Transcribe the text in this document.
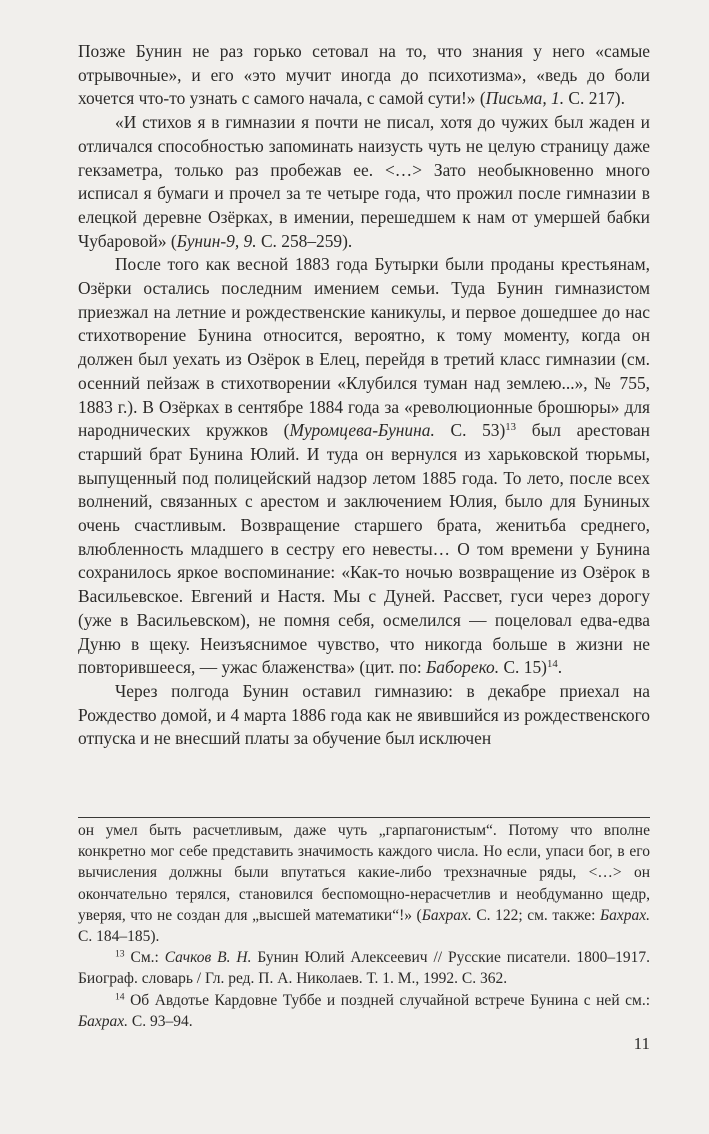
Позже Бунин не раз горько сетовал на то, что знания у него «самые отрывочные», и его «это мучит иногда до психотизма», «ведь до боли хочется что-то узнать с самого начала, с самой сути!» (Письма, 1. С. 217).

«И стихов я в гимназии я почти не писал, хотя до чужих был жаден и отличался способностью запоминать наизусть чуть не целую страницу даже гекзаметра, только раз пробежав ее. <…> Зато необыкновенно много исписал я бумаги и прочел за те четыре года, что прожил после гимназии в елецкой деревне Озёрках, в имении, перешедшем к нам от умершей бабки Чубаровой» (Бунин-9, 9. С. 258–259).

После того как весной 1883 года Бутырки были проданы крестьянам, Озёрки остались последним имением семьи. Туда Бунин гимназистом приезжал на летние и рождественские каникулы, и первое дошедшее до нас стихотворение Бунина относится, вероятно, к тому моменту, когда он должен был уехать из Озёрок в Елец, перейдя в третий класс гимназии (см. осенний пейзаж в стихотворении «Клубился туман над землею...», № 755, 1883 г.). В Озёрках в сентябре 1884 года за «революционные брошюры» для народнических кружков (Муромцева-Бунина. С. 53)$^{13}$ был арестован старший брат Бунина Юлий. И туда он вернулся из харьковской тюрьмы, выпущенный под полицейский надзор летом 1885 года. То лето, после всех волнений, связанных с арестом и заключением Юлия, было для Буниных очень счастливым. Возвращение старшего брата, женитьба среднего, влюбленность младшего в сестру его невесты… О том времени у Бунина сохранилось яркое воспоминание: «Как-то ночью возвращение из Озёрок в Васильевское. Евгений и Настя. Мы с Дуней. Рассвет, гуси через дорогу (уже в Васильевском), не помня себя, осмелился — поцеловал едва-едва Дуню в щеку. Неизъяснимое чувство, что никогда больше в жизни не повторившееся, — ужас блаженства» (цит. по: Бабореко. С. 15)$^{14}$.

Через полгода Бунин оставил гимназию: в декабре приехал на Рождество домой, и 4 марта 1886 года как не явившийся из рождественского отпуска и не внесший платы за обучение был исключен

он умел быть расчетливым, даже чуть „гарпагонистым“. Потому что вполне конкретно мог себе представить значимость каждого числа. Но если, упаси бог, в его вычисления должны были впутаться какие-либо трехзначные ряды, <…> он окончательно терялся, становился беспомощно-нерасчетлив и необдуманно щедр, уверяя, что не создан для „высшей математики“!» (Бахрах. С. 122; см. также: Бахрах. С. 184–185).

$^{13}$ См.: Сачков В. Н. Бунин Юлий Алексеевич // Русские писатели. 1800–1917. Биограф. словарь / Гл. ред. П. А. Николаев. Т. 1. М., 1992. С. 362.

$^{14}$ Об Авдотье Кардовне Туббе и поздней случайной встрече Бунина с ней см.: Бахрах. С. 93–94.

11
